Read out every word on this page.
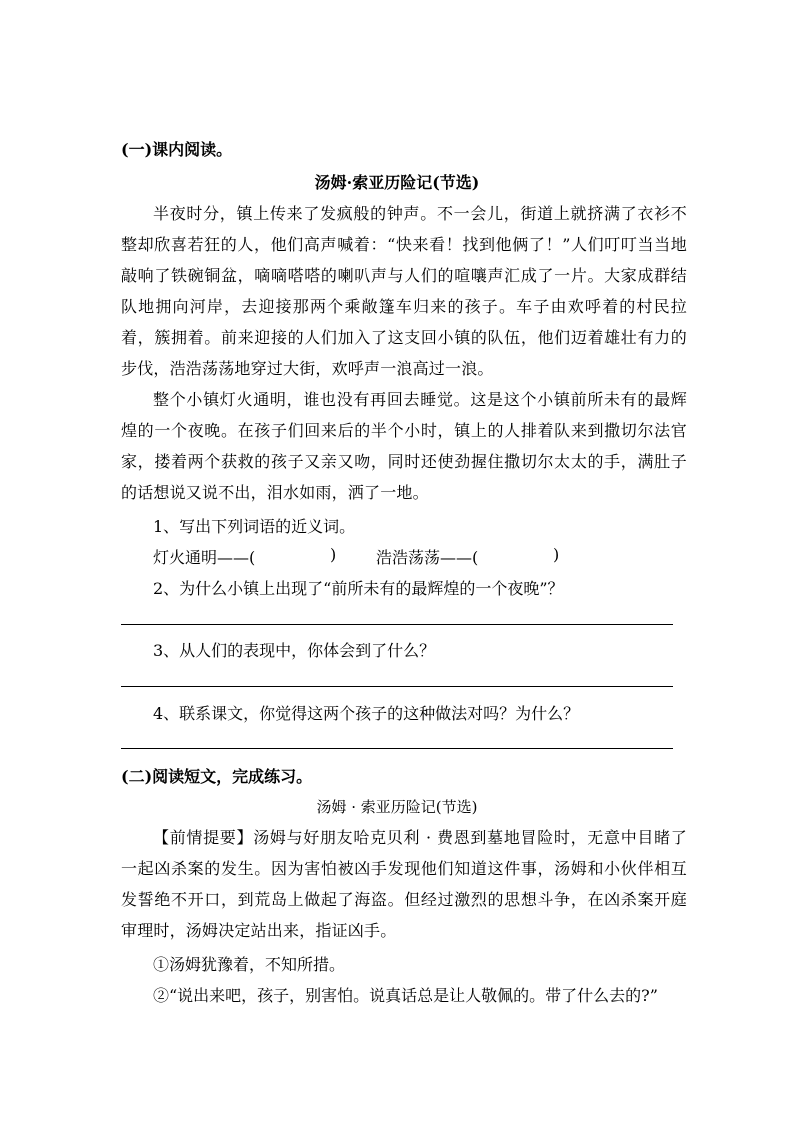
(一)课内阅读。
汤姆·索亚历险记(节选)
半夜时分，镇上传来了发疯般的钟声。不一会儿，街道上就挤满了衣衫不整却欣喜若狂的人，他们高声喊着：“快来看！找到他俩了！”人们叮叮当当地敲响了铁碗铜盆，嘀嘀嗒嗒的喇叭声与人们的喧嚷声汇成了一片。大家成群结队地拥向河岸，去迎接那两个乘敞篷车归来的孩子。车子由欢呼着的村民拉着，簇拥着。前来迎接的人们加入了这支回小镇的队伍，他们迈着雄壮有力的步伐，浩浩荡荡地穿过大街，欢呼声一浪高过一浪。
整个小镇灯火通明，谁也没有再回去睡觉。这是这个小镇前所未有的最辉煌的一个夜晚。在孩子们回来后的半个小时，镇上的人排着队来到撒切尔法官家，搂着两个获救的孩子又亲又吻，同时还使劲握住撒切尔太太的手，满肚子的话想说又说不出，泪水如雨，洒了一地。
1、写出下列词语的近义词。
灯火通明——(	) 浩浩荡荡——(	)
2、为什么小镇上出现了“前所未有的最辉煌的一个夜晚”？
3、从人们的表现中，你体会到了什么？
4、联系课文，你觉得这两个孩子的这种做法对吗？为什么？
(二)阅读短文，完成练习。
汤姆 · 索亚历险记(节选)
【前情提要】汤姆与好朋友哈克贝利 · 费恩到墓地冒险时，无意中目睹了一起凶杀案的发生。因为害怕被凶手发现他们知道这件事，汤姆和小伙伴相互发誓绝不开口，到荒岛上做起了海盗。但经过激烈的思想斗争，在凶杀案开庭审理时，汤姆决定站出来，指证凶手。
①汤姆犹豫着，不知所措。
②“说出来吧，孩子，别害怕。说真话总是让人敬佩的。带了什么去的?”
